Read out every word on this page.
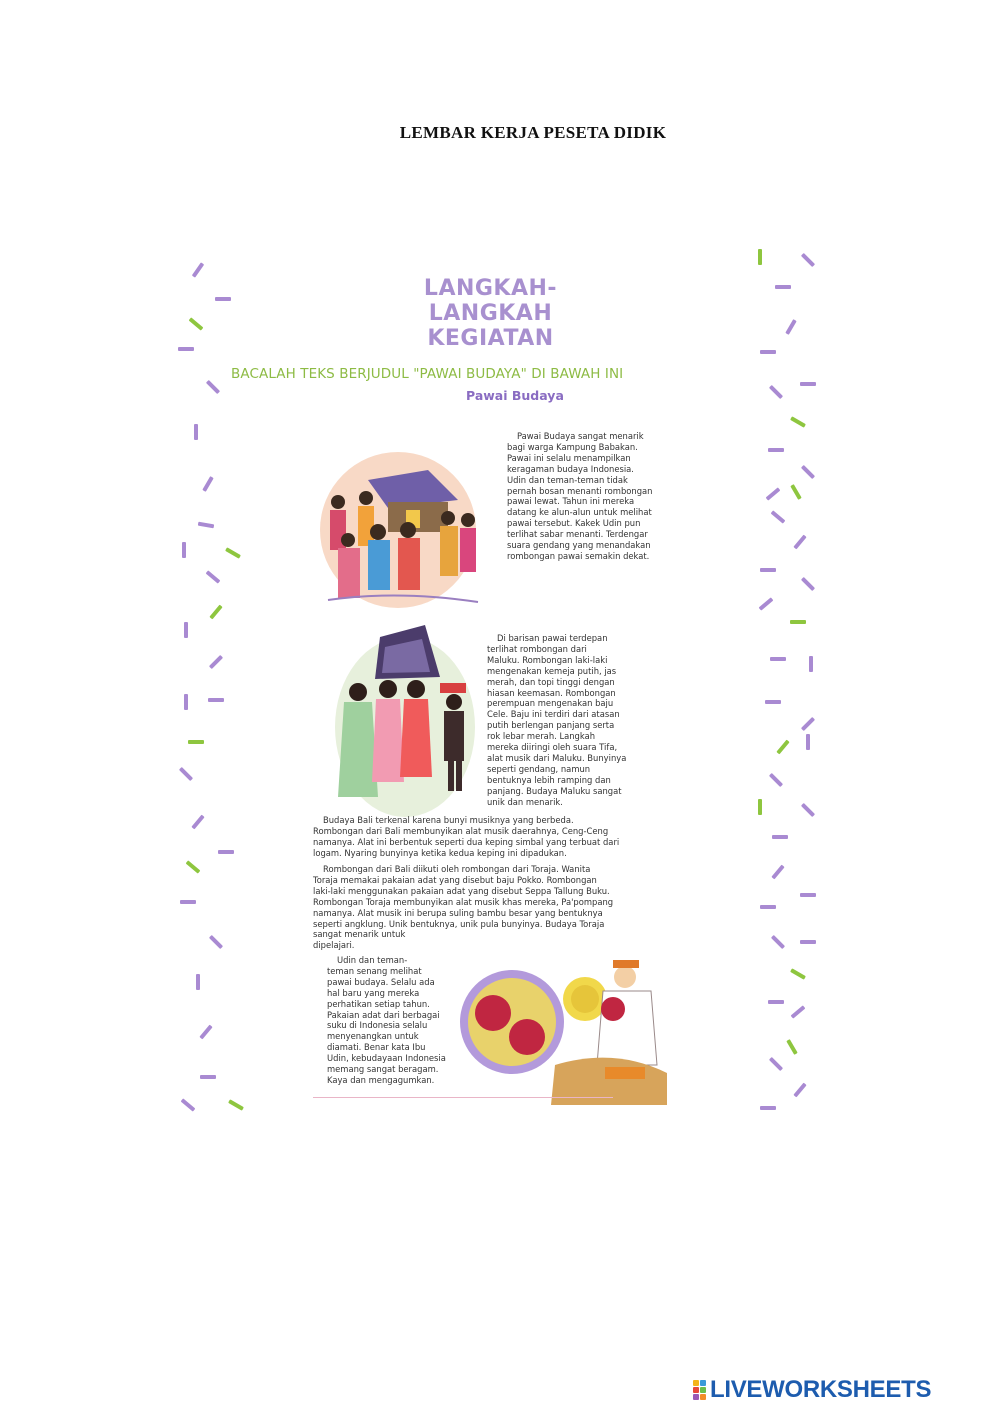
LEMBAR KERJA PESETA DIDIK
LANGKAH-LANGKAH
KEGIATAN
BACALAH TEKS BERJUDUL "PAWAI BUDAYA" DI BAWAH INI
Pawai Budaya

Pawai Budaya sangat menarik
bagi warga Kampung Babakan.
Pawai ini selalu menampilkan
keragaman budaya Indonesia.
Udin dan teman-teman tidak
pernah bosan menanti rombongan
pawai lewat. Tahun ini mereka
datang ke alun-alun untuk melihat
pawai tersebut. Kakek Udin pun
terlihat sabar menanti. Terdengar
suara gendang yang menandakan
rombongan pawai semakin dekat.

Di barisan pawai terdepan
terlihat rombongan dari
Maluku. Rombongan laki-laki
mengenakan kemeja putih, jas
merah, dan topi tinggi dengan
hiasan keemasan. Rombongan
perempuan mengenakan baju
Cele. Baju ini terdiri dari atasan
putih berlengan panjang serta
rok lebar merah. Langkah
mereka diiringi oleh suara Tifa,
alat musik dari Maluku. Bunyinya
seperti gendang, namun
bentuknya lebih ramping dan
panjang. Budaya Maluku sangat
unik dan menarik.

Budaya Bali terkenal karena bunyi musiknya yang berbeda.
Rombongan dari Bali membunyikan alat musik daerahnya, Ceng-Ceng
namanya. Alat ini berbentuk seperti dua keping simbal yang terbuat dari
logam. Nyaring bunyinya ketika kedua keping ini dipadukan.

Rombongan dari Bali diikuti oleh rombongan dari Toraja. Wanita
Toraja memakai pakaian adat yang disebut baju Pokko. Rombongan
laki-laki menggunakan pakaian adat yang disebut Seppa Tallung Buku.
Rombongan Toraja membunyikan alat musik khas mereka, Pa'pompang
namanya. Alat musik ini berupa suling bambu besar yang bentuknya
seperti angklung. Unik bentuknya, unik pula bunyinya. Budaya Toraja
sangat menarik untuk
dipelajari.

Udin dan teman-
teman senang melihat
pawai budaya. Selalu ada
hal baru yang mereka
perhatikan setiap tahun.
Pakaian adat dari berbagai
suku di Indonesia selalu
menyenangkan untuk
diamati. Benar kata Ibu
Udin, kebudayaan Indonesia
memang sangat beragam.
Kaya dan mengagumkan.

LIVEWORKSHEETS
